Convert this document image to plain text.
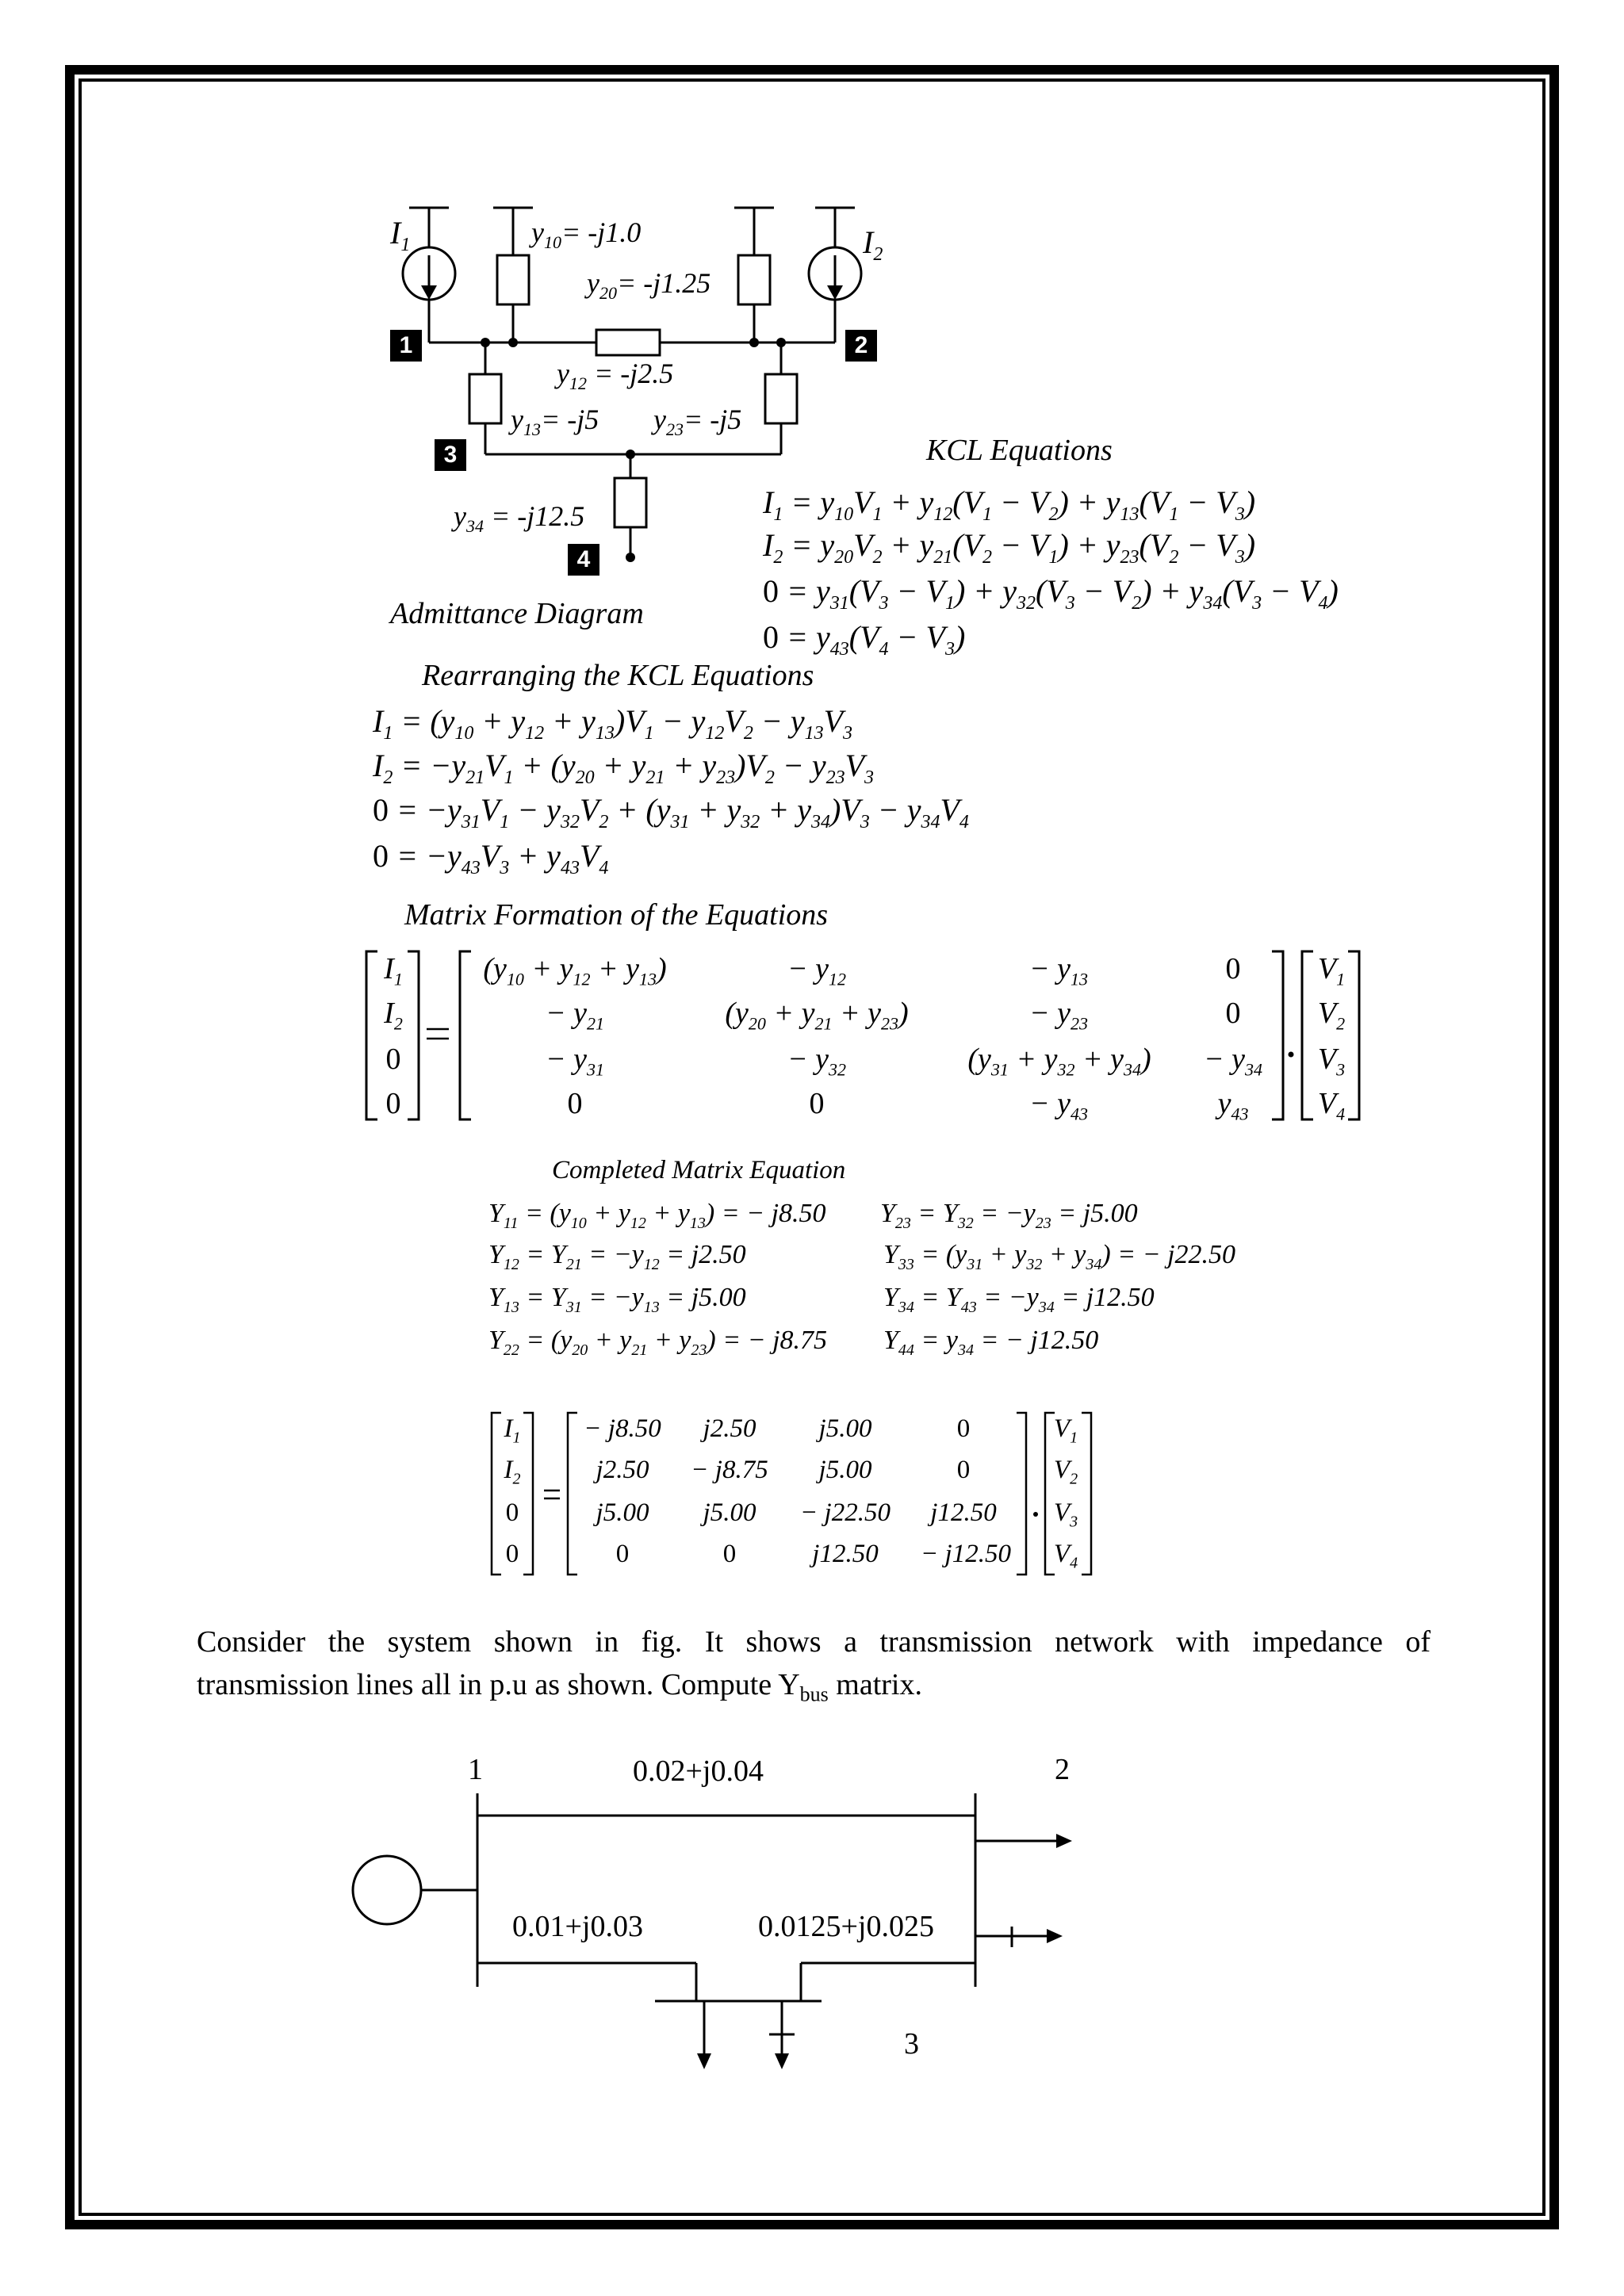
$I_1$	$I_2$
$y_{10}= -j1.0$
$y_{20}= -j1.25$
$y_{12} = -j2.5$
$y_{13}= -j5$ $y_{23}= -j5$
$y_{34} = -j12.5$
1	2
3
4
Admittance Diagram
KCL Equations
$I_1 = y_{10}V_1 + y_{12}(V_1 - V_2) + y_{13}(V_1 - V_3)$
$I_2 = y_{20}V_2 + y_{21}(V_2 - V_1) + y_{23}(V_2 - V_3)$
$0 = y_{31}(V_3 - V_1) + y_{32}(V_3 - V_2) + y_{34}(V_3 - V_4)$
$0 = y_{43}(V_4 - V_3)$
Rearranging the KCL Equations
$I_1 = (y_{10} + y_{12} + y_{13})V_1 - y_{12}V_2 - y_{13}V_3$
$I_2 = -y_{21}V_1 + (y_{20} + y_{21} + y_{23})V_2 - y_{23}V_3$
$0 = -y_{31}V_1 - y_{32}V_2 + (y_{31} + y_{32} + y_{34})V_3 - y_{34}V_4$
$0 = -y_{43}V_3 + y_{43}V_4$
Matrix Formation of the Equations
$I_1$
$I_2$
0
0
$(y_{10} + y_{12} + y_{13})$	− $y_{12}$	− $y_{13}$	0
− $y_{21}$	$(y_{20} + y_{21} + y_{23})$	− $y_{23}$	0
− $y_{31}$	− $y_{32}$	$(y_{31} + y_{32} + y_{34})$	− $y_{34}$
0	0	− $y_{43}$	$y_{43}$
$V_1$
$V_2$
$V_3$
$V_4$
Completed Matrix Equation
$Y_{11} = (y_{10} + y_{12} + y_{13})$ = − j8.50
$Y_{12} = Y_{21} = -y_{12} = j2.50$
$Y_{13} = Y_{31} = -y_{13} = j5.00$
$Y_{22} = (y_{20} + y_{21} + y_{23})$ = − j8.75
$Y_{23} = Y_{32} = -y_{23} = j5.00$
$Y_{33} = (y_{31} + y_{32} + y_{34})$ = − j22.50
$Y_{34} = Y_{43} = -y_{34} = j12.50$
$Y_{44} = y_{34}$ = − j12.50
$I_1$
$I_2$
0
0
− j8.50	j2.50	j5.00	0
j2.50	− j8.75	j5.00	0
j5.00	j5.00	− j22.50	j12.50
0	0	j12.50	− j12.50
$V_1$
$V_2$
$V_3$
$V_4$
Consider the system shown in fig. It shows a transmission network with impedance of
transmission lines all in p.u as shown. Compute $Y_{bus}$ matrix.
1	2
3
0.02+j0.04
0.01+j0.03	0.0125+j0.025
